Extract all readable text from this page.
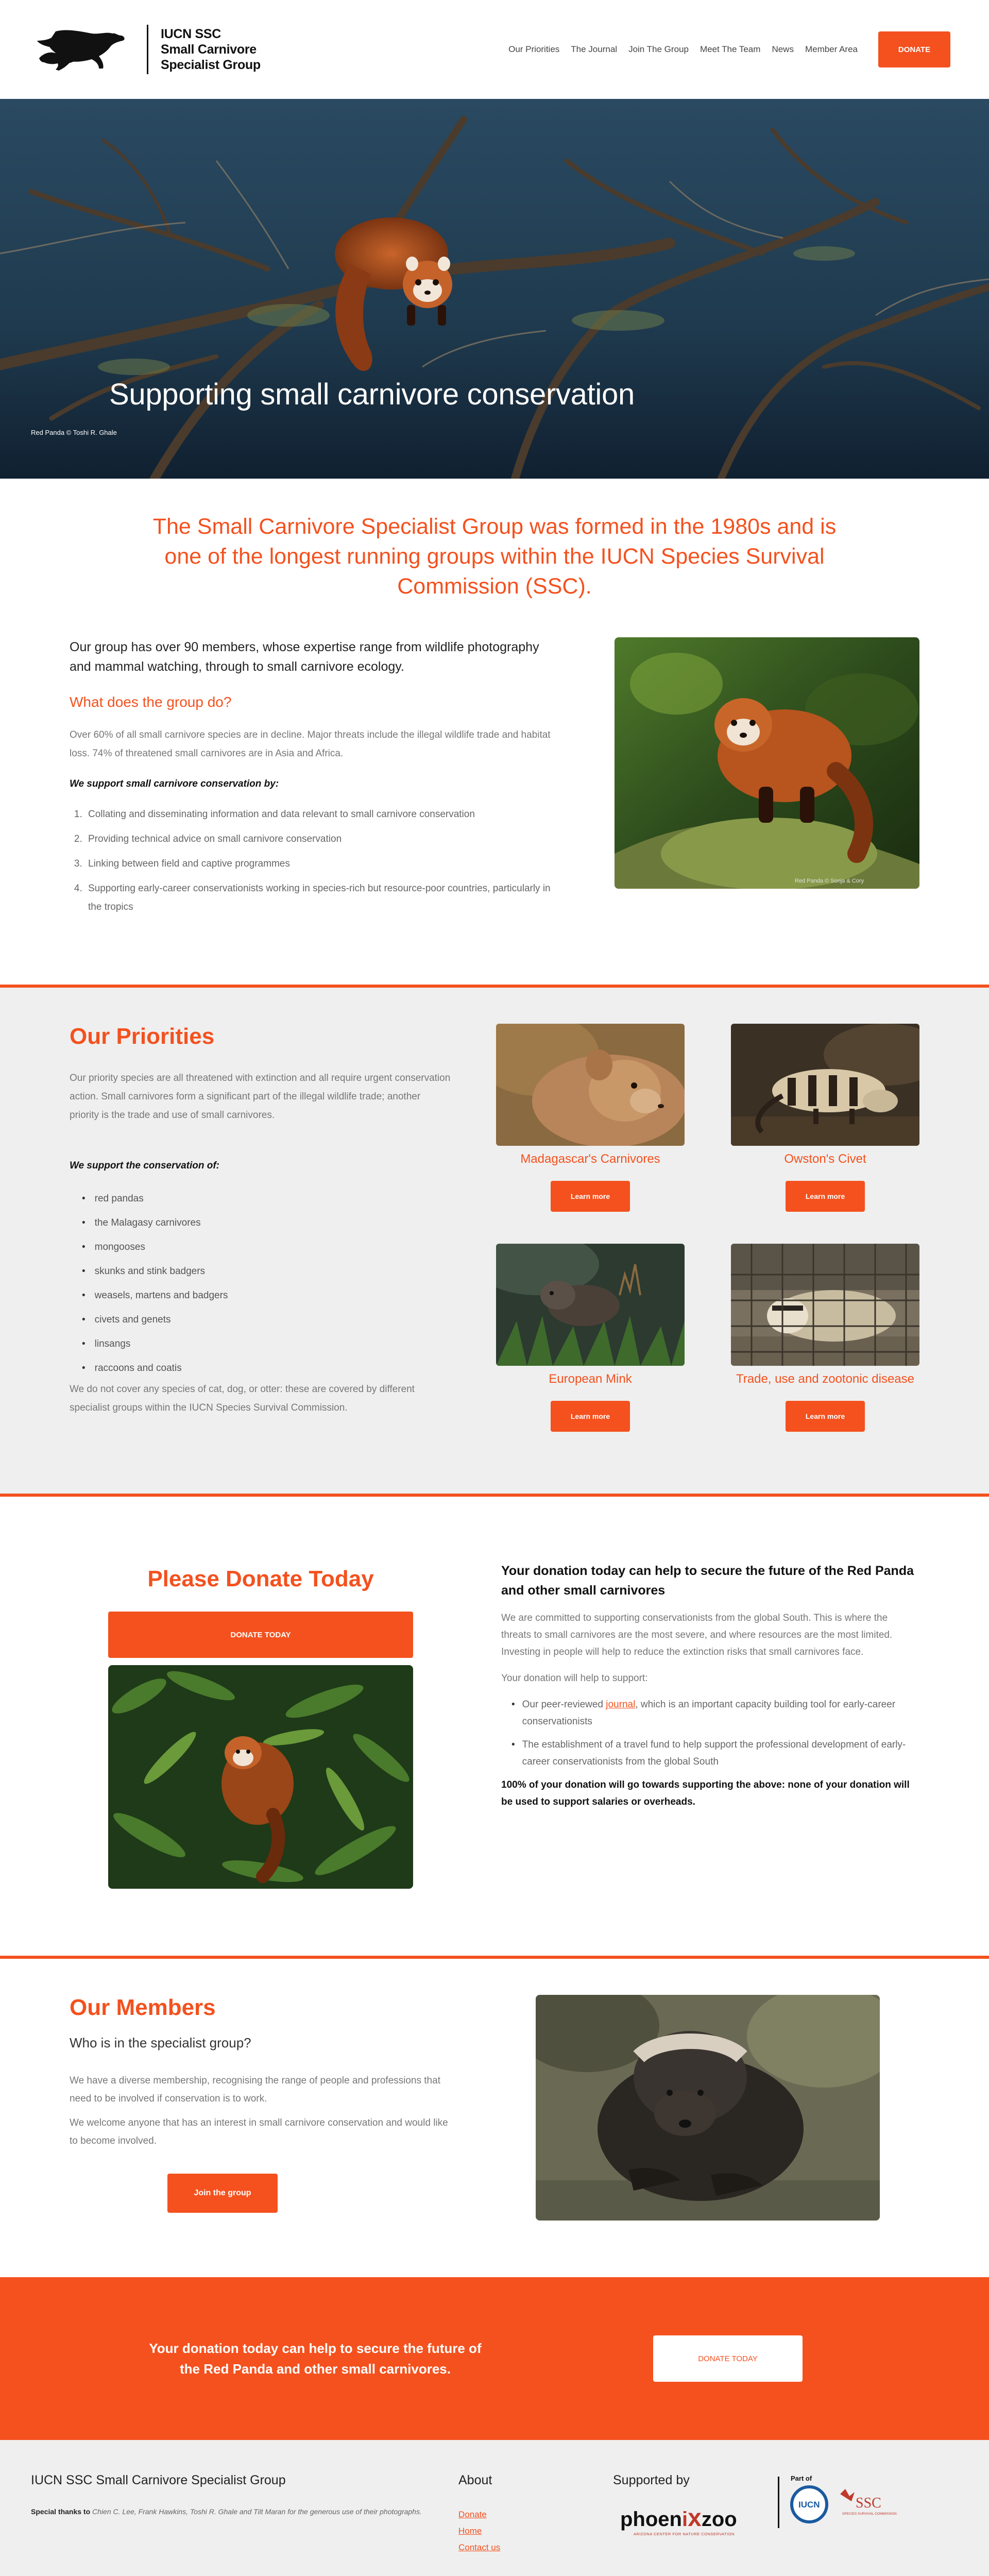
IUCN SSC
Small Carnivore
Specialist Group
Our Priorities The Journal Join The Group Meet The Team News Member Area	DONATE
Supporting small carnivore conservation
Red Panda © Toshi R. Ghale

The Small Carnivore Specialist Group was formed in the 1980s and is one of the longest running groups within the IUCN Species Survival Commission (SSC).

Our group has over 90 members, whose expertise range from wildlife photography and mammal watching, through to small carnivore ecology.

What does the group do?

Over 60% of all small carnivore species are in decline. Major threats include the illegal wildlife trade and habitat loss. 74% of threatened small carnivores are in Asia and Africa.

We support small carnivore conservation by:

1. Collating and disseminating information and data relevant to small carnivore conservation
2. Providing technical advice on small carnivore conservation
3. Linking between field and captive programmes
4. Supporting early-career conservationists working in species-rich but resource-poor countries, particularly in the tropics
Red Panda © Sonja & Cory
Our Priorities

Our priority species are all threatened with extinction and all require urgent conservation action. Small carnivores form a significant part of the illegal wildlife trade; another priority is the trade and use of small carnivores.

We support the conservation of:

• red pandas
• the Malagasy carnivores
• mongooses
• skunks and stink badgers
• weasels, martens and badgers
• civets and genets
• linsangs
• raccoons and coatis

We do not cover any species of cat, dog, or otter: these are covered by different specialist groups within the IUCN Species Survival Commission.

Madagascar's Carnivores
Learn more
Owston's Civet
Learn more
European Mink
Learn more
Trade, use and zootonic disease
Learn more
Please Donate Today
DONATE TODAY
Your donation today can help to secure the future of the Red Panda and other small carnivores

We are committed to supporting conservationists from the global South. This is where the threats to small carnivores are the most severe, and where resources are the most limited. Investing in people will help to reduce the extinction risks that small carnivores face.

Your donation will help to support:

• Our peer-reviewed journal, which is an important capacity building tool for early-career conservationists
• The establishment of a travel fund to help support the professional development of early-career conservationists from the global South

100% of your donation will go towards supporting the above: none of your donation will be used to support salaries or overheads.

Our Members
Who is in the specialist group?

We have a diverse membership, recognising the range of people and professions that need to be involved if conservation is to work.

We welcome anyone that has an interest in small carnivore conservation and would like to become involved.

Join the group

Your donation today can help to secure the future of the Red Panda and other small carnivores.

DONATE TODAY
IUCN SSC Small Carnivore Specialist Group

Special thanks to Chien C. Lee, Frank Hawkins, Toshi R. Ghale and Tilt Maran for the generous use of their photographs.

About
Donate
Home
Contact us
Supported by
phoenixzoo
ARIZONA CENTER FOR NATURE CONSERVATION
Part of
IUCN SSC
SPECIES SURVIVAL COMMISSION
